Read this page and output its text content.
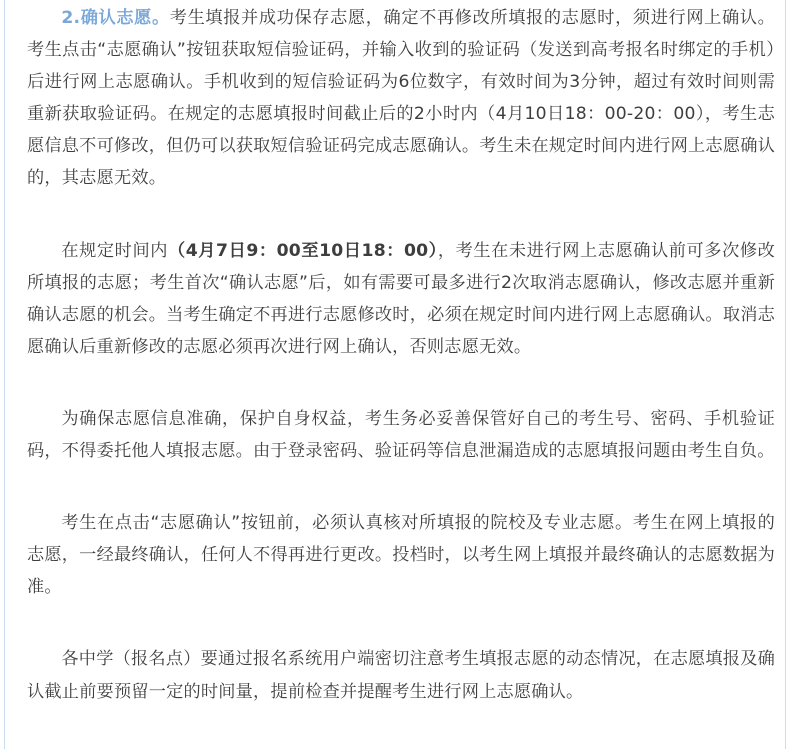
2.确认志愿。考生填报并成功保存志愿，确定不再修改所填报的志愿时，须进行网上确认。考生点击“志愿确认”按钮获取短信验证码，并输入收到的验证码（发送到高考报名时绑定的手机）后进行网上志愿确认。手机收到的短信验证码为6位数字，有效时间为3分钟，超过有效时间则需重新获取验证码。在规定的志愿填报时间截止后的2小时内（4月10日18：00-20：00），考生志愿信息不可修改，但仍可以获取短信验证码完成志愿确认。考生未在规定时间内进行网上志愿确认的，其志愿无效。

在规定时间内（4月7日9：00至10日18：00），考生在未进行网上志愿确认前可多次修改所填报的志愿；考生首次“确认志愿”后，如有需要可最多进行2次取消志愿确认，修改志愿并重新确认志愿的机会。当考生确定不再进行志愿修改时，必须在规定时间内进行网上志愿确认。取消志愿确认后重新修改的志愿必须再次进行网上确认，否则志愿无效。

为确保志愿信息准确，保护自身权益，考生务必妥善保管好自己的考生号、密码、手机验证码，不得委托他人填报志愿。由于登录密码、验证码等信息泄漏造成的志愿填报问题由考生自负。

考生在点击“志愿确认”按钮前，必须认真核对所填报的院校及专业志愿。考生在网上填报的志愿，一经最终确认，任何人不得再进行更改。投档时，以考生网上填报并最终确认的志愿数据为准。

各中学（报名点）要通过报名系统用户端密切注意考生填报志愿的动态情况，在志愿填报及确认截止前要预留一定的时间量，提前检查并提醒考生进行网上志愿确认。
